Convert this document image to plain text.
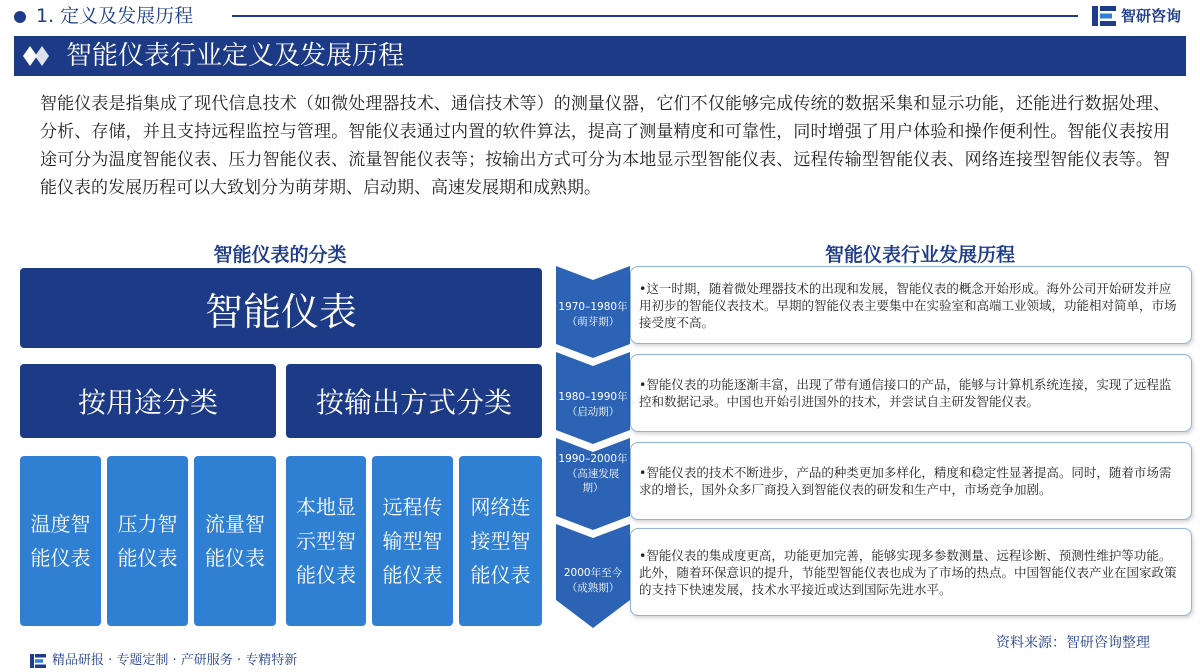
1. 定义及发展历程	智研咨询
智能仪表行业定义及发展历程
智能仪表是指集成了现代信息技术（如微处理器技术、通信技术等）的测量仪器，它们不仅能够完成传统的数据采集和显示功能，还能进行数据处理、分析、存储，并且支持远程监控与管理。智能仪表通过内置的软件算法，提高了测量精度和可靠性，同时增强了用户体验和操作便利性。智能仪表按用途可分为温度智能仪表、压力智能仪表、流量智能仪表等；按输出方式可分为本地显示型智能仪表、远程传输型智能仪表、网络连接型智能仪表等。智能仪表的发展历程可以大致划分为萌芽期、启动期、高速发展期和成熟期。
智能仪表的分类	智能仪表行业发展历程
智能仪表
按用途分类	按输出方式分类
温度智能仪表
压力智能仪表
流量智能仪表
本地显示型智能仪表
远程传输型智能仪表
网络连接型智能仪表
1970–1980年
（萌芽期）
•这一时期，随着微处理器技术的出现和发展，智能仪表的概念开始形成。海外公司开始研发并应用初步的智能仪表技术。早期的智能仪表主要集中在实验室和高端工业领域，功能相对简单，市场接受度不高。
1980–1990年
（启动期）
•智能仪表的功能逐渐丰富，出现了带有通信接口的产品，能够与计算机系统连接，实现了远程监控和数据记录。中国也开始引进国外的技术，并尝试自主研发智能仪表。
1990–2000年
（高速发展期）
•智能仪表的技术不断进步，产品的种类更加多样化，精度和稳定性显著提高。同时，随着市场需求的增长，国外众多厂商投入到智能仪表的研发和生产中，市场竞争加剧。
2000年至今
（成熟期）
•智能仪表的集成度更高，功能更加完善，能够实现多参数测量、远程诊断、预测性维护等功能。此外，随着环保意识的提升，节能型智能仪表也成为了市场的热点。中国智能仪表产业在国家政策的支持下快速发展，技术水平接近或达到国际先进水平。
资料来源：智研咨询整理
精品研报 · 专题定制 · 产研服务 · 专精特新
